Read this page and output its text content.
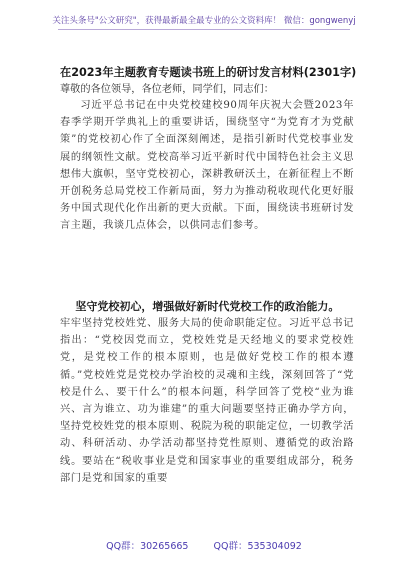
关注头条号"公文研究"，获得最新最全最专业的公文资料库！ 微信：gongwenyj
在2023年主题教育专题读书班上的研讨发言材料(2301字)
尊敬的各位领导，各位老师，同学们，同志们：
习近平总书记在中央党校建校90周年庆祝大会暨2023年春季学期开学典礼上的重要讲话，围绕坚守“为党育才为党献策”的党校初心作了全面深刻阐述，是指引新时代党校事业发展的纲领性文献。党校高举习近平新时代中国特色社会主义思想伟大旗帜，坚守党校初心，深耕教研沃土，在新征程上不断开创税务总局党校工作新局面，努力为推动税收现代化更好服务中国式现代化作出新的更大贡献。下面，围绕读书班研讨发言主题，我谈几点体会，以供同志们参考。
坚守党校初心，增强做好新时代党校工作的政治能力。
牢牢坚持党校姓党、服务大局的使命职能定位。习近平总书记指出：“党校因党而立，党校姓党是天经地义的要求党校姓党，是党校工作的根本原则，也是做好党校工作的根本遵循。”党校姓党是党校办学治校的灵魂和主线，深刻回答了“党校是什么、要干什么”的根本问题，科学回答了党校“业为谁兴、言为谁立、功为谁建”的重大问题要坚持正确办学方向，坚持党校姓党的根本原则、税院为税的职能定位，一切教学活动、科研活动、办学活动都坚持党性原则、遵循党的政治路线。要站在“税收事业是党和国家事业的重要组成部分，税务部门是党和国家的重要
QQ群：30265665	QQ群：535304092
